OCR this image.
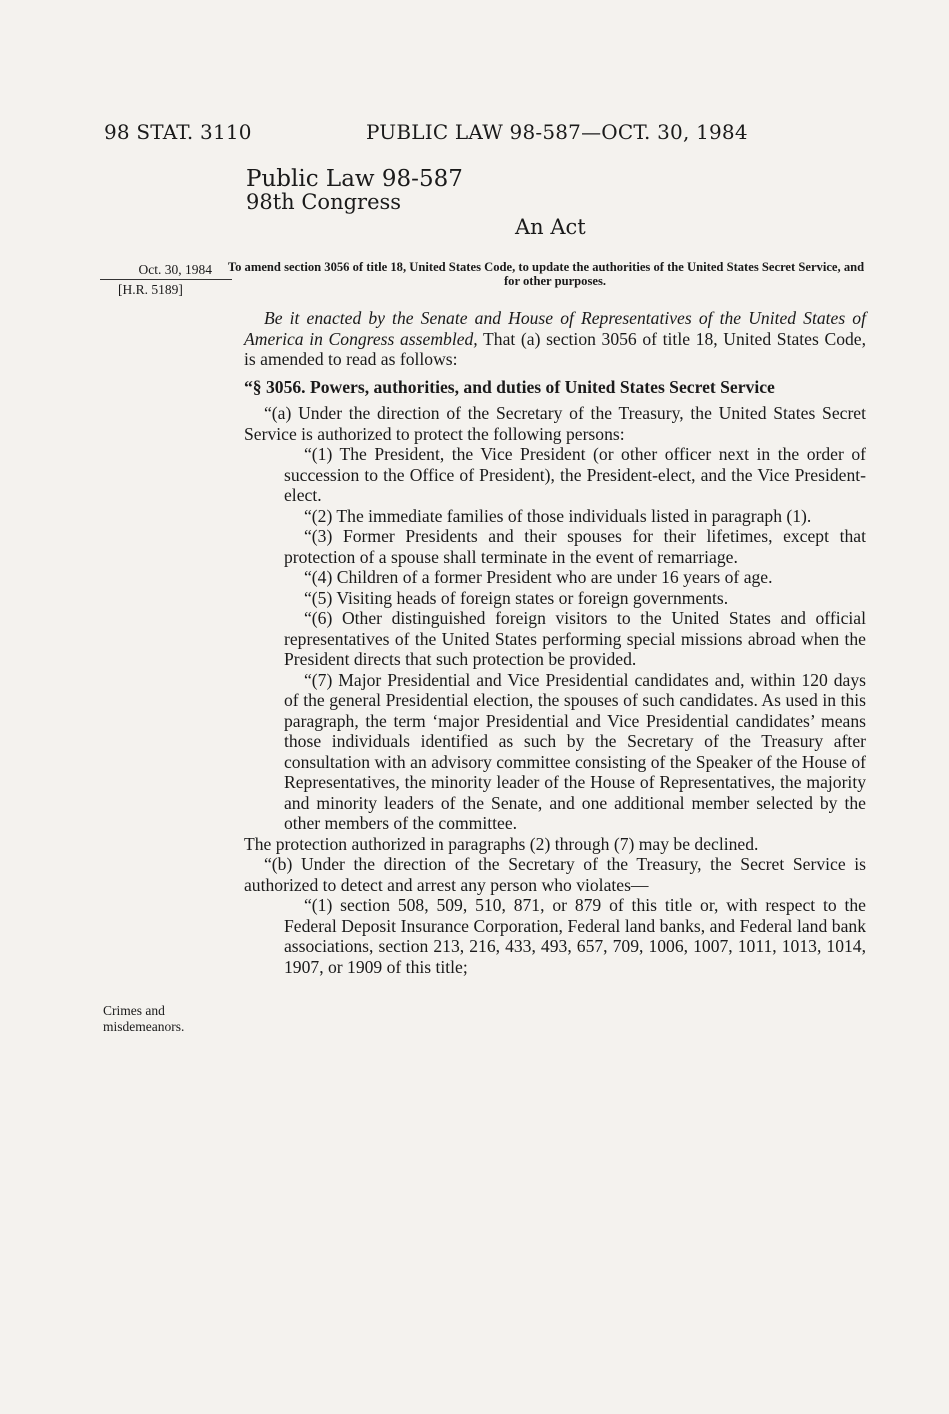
98 STAT. 3110	PUBLIC LAW 98-587—OCT. 30, 1984
Public Law 98-587
98th Congress
An Act
Oct. 30, 1984
[H.R. 5189]
To amend section 3056 of title 18, United States Code, to update the authorities of the United States Secret Service, and for other purposes.

Be it enacted by the Senate and House of Representatives of the United States of America in Congress assembled, That (a) section 3056 of title 18, United States Code, is amended to read as follows:

“§ 3056. Powers, authorities, and duties of United States Secret Service

“(a) Under the direction of the Secretary of the Treasury, the United States Secret Service is authorized to protect the following persons:

“(1) The President, the Vice President (or other officer next in the order of succession to the Office of President), the President-elect, and the Vice President-elect.

“(2) The immediate families of those individuals listed in paragraph (1).

“(3) Former Presidents and their spouses for their lifetimes, except that protection of a spouse shall terminate in the event of remarriage.

“(4) Children of a former President who are under 16 years of age.

“(5) Visiting heads of foreign states or foreign governments.

“(6) Other distinguished foreign visitors to the United States and official representatives of the United States performing special missions abroad when the President directs that such protection be provided.

“(7) Major Presidential and Vice Presidential candidates and, within 120 days of the general Presidential election, the spouses of such candidates. As used in this paragraph, the term ‘major Presidential and Vice Presidential candidates’ means those individuals identified as such by the Secretary of the Treasury after consultation with an advisory committee consisting of the Speaker of the House of Representatives, the minority leader of the House of Representatives, the majority and minority leaders of the Senate, and one additional member selected by the other members of the committee.

The protection authorized in paragraphs (2) through (7) may be declined.

“(b) Under the direction of the Secretary of the Treasury, the Secret Service is authorized to detect and arrest any person who violates—

“(1) section 508, 509, 510, 871, or 879 of this title or, with respect to the Federal Deposit Insurance Corporation, Federal land banks, and Federal land bank associations, section 213, 216, 433, 493, 657, 709, 1006, 1007, 1011, 1013, 1014, 1907, or 1909 of this title;

Crimes and
misdemeanors.
